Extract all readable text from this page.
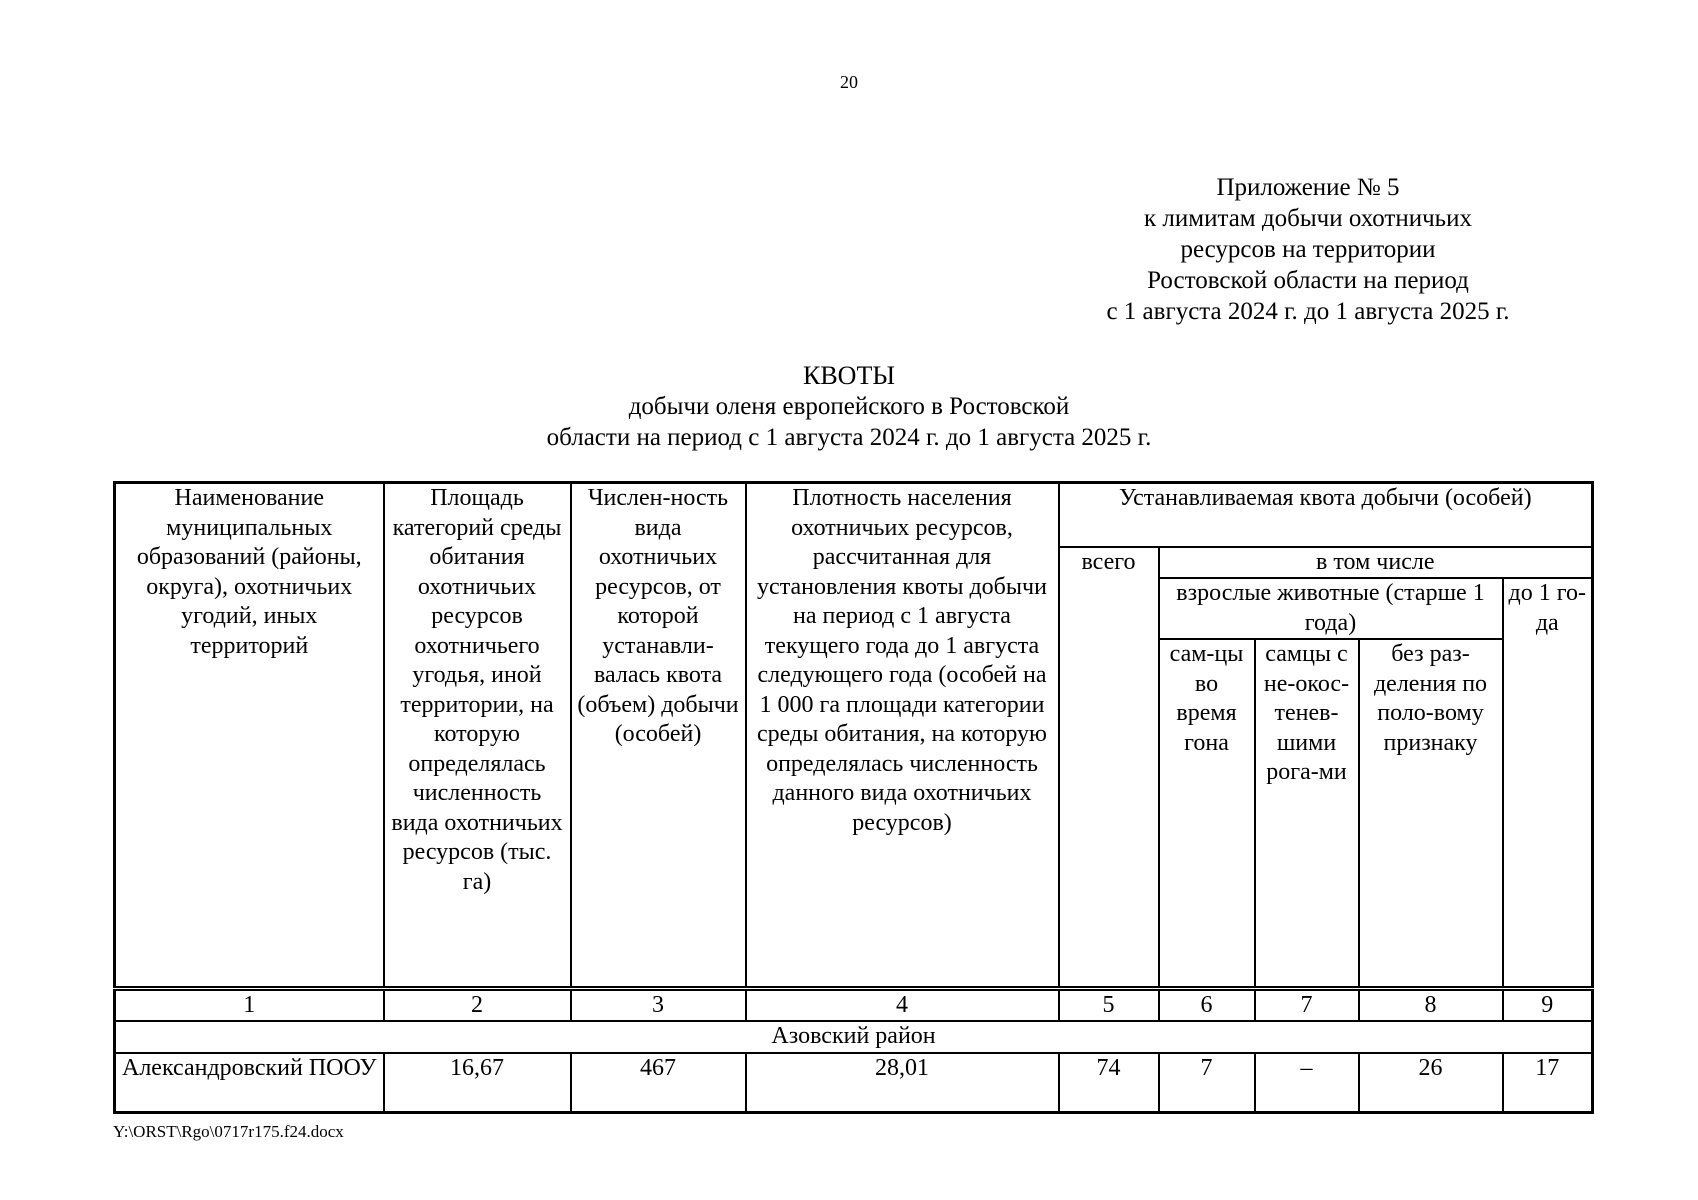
20
Приложение № 5
к лимитам добычи охотничьих
ресурсов на территории
Ростовской области на период
с 1 августа 2024 г. до 1 августа 2025 г.
КВОТЫ
добычи оленя европейского в Ростовской
области на период с 1 августа 2024 г. до 1 августа 2025 г.
Наименование муниципальных образований (районы, округа), охотничьих угодий, иных территорий	Площадь категорий среды обитания охотничьих ресурсов охотничьего угодья, иной территории, на которую определялась численность вида охотничьих ресурсов (тыс. га)	Числен-ность вида охотничьих ресурсов, от которой устанавли-валась квота (объем) добычи (особей)	Плотность населения охотничьих ресурсов, рассчитанная для установления квоты добычи на период с 1 августа текущего года до 1 августа следующего года (особей на 1 000 га площади категории среды обитания, на которую определялась численность данного вида охотничьих ресурсов)	Устанавливаемая квота добычи (особей)				
				всего	в том числе			
					взрослые животные (старше 1 года)			до 1 го-да
					сам-цы во время гона	самцы с не-окос-тенев-шими рога-ми	без раз-деления по поло-вому признаку	
1	2	3	4	5	6	7	8	9
Азовский район								
Александровский ПООУ	16,67	467	28,01	74	7	–	26	17
Y:\ORST\Rgo\0717r175.f24.docx
